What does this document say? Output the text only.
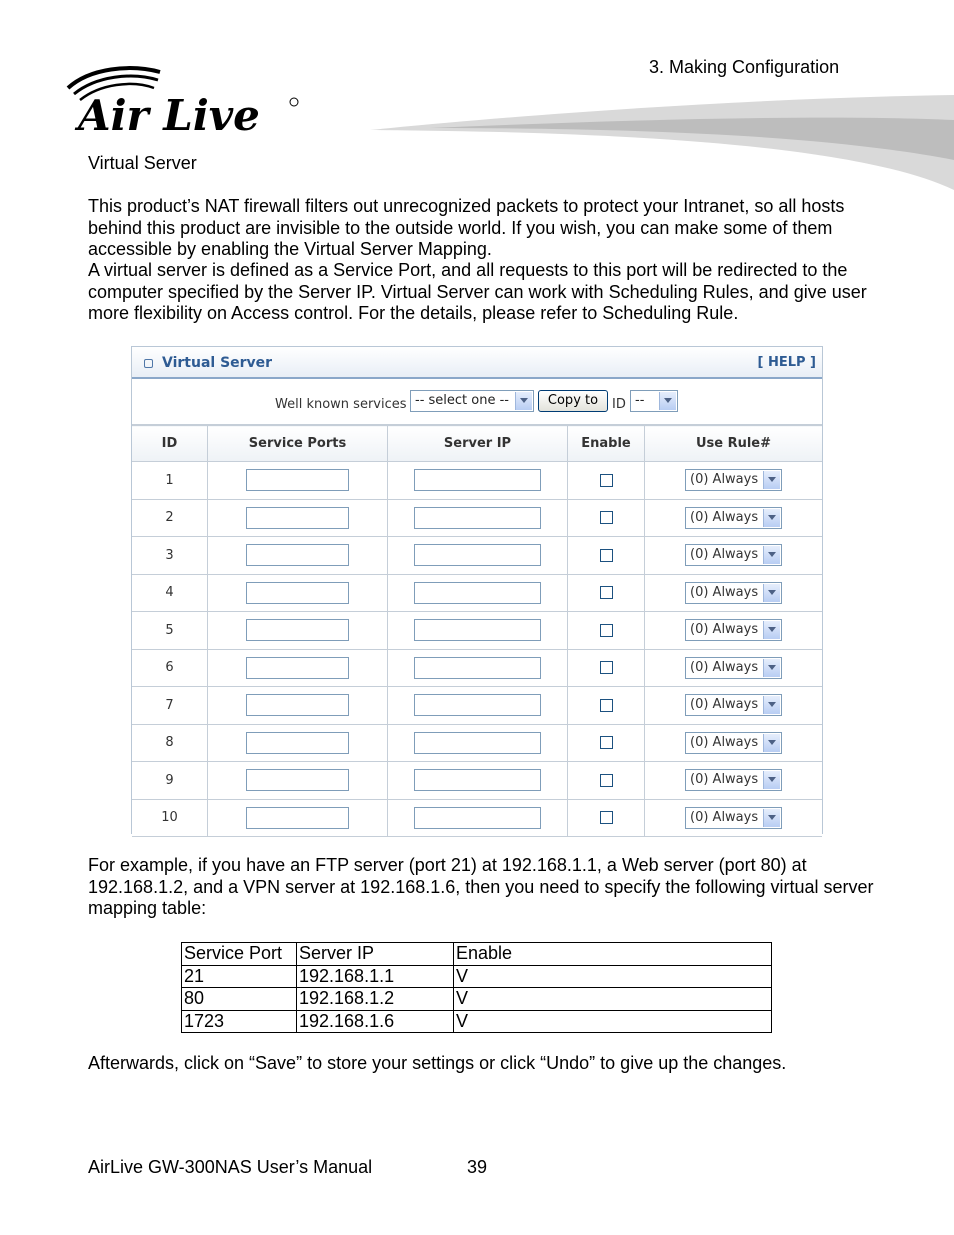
3. Making Configuration
Air Live
Virtual Server
This product’s NAT firewall filters out unrecognized packets to protect your Intranet, so all hosts behind this product are invisible to the outside world. If you wish, you can make some of them accessible by enabling the Virtual Server Mapping.
A virtual server is defined as a Service Port, and all requests to this port will be redirected to the computer specified by the Server IP. Virtual Server can work with Scheduling Rules, and give user more flexibility on Access control. For the details, please refer to Scheduling Rule.
Virtual Server	[ HELP ]
Well known services -- select one --	Copy to	ID --
ID	Service Ports	Server IP	Enable	Use Rule#
1				(0) Always

2				(0) Always

3				(0) Always

4				(0) Always

5				(0) Always

6				(0) Always

7				(0) Always

8				(0) Always

9				(0) Always

10				(0) Always
For example, if you have an FTP server (port 21) at 192.168.1.1, a Web server (port 80) at 192.168.1.2, and a VPN server at 192.168.1.6, then you need to specify the following virtual server mapping table:
Service Port	Server IP	Enable
21	192.168.1.1	V
80	192.168.1.2	V
1723	192.168.1.6	V
Afterwards, click on “Save” to store your settings or click “Undo” to give up the changes.
AirLive GW-300NAS User’s Manual	39
